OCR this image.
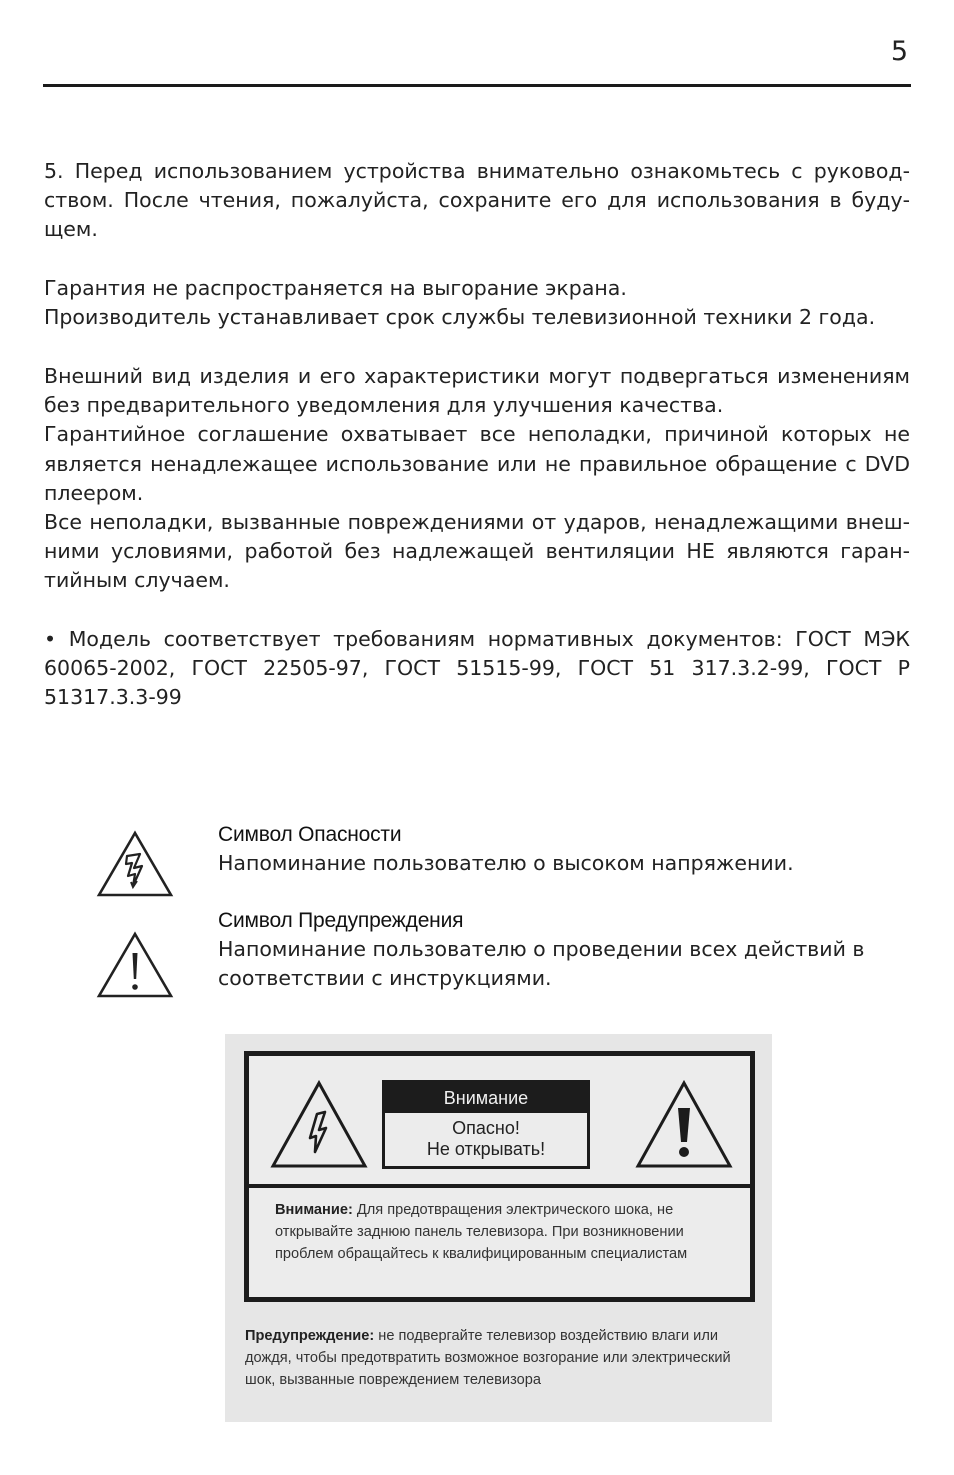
5

5. Перед использованием устройства внимательно ознакомьтесь с руководством. После чтения, пожалуйста, сохраните его для использования в будущем.

Гарантия не распространяется на выгорание экрана.
Производитель устанавливает срок службы телевизионной техники 2 года.

Внешний вид изделия и его характеристики могут подвергаться изменениям без предварительного уведомления для улучшения качества.

Гарантийное соглашение охватывает все неполадки, причиной которых не является ненадлежащее использование или не правильное обращение с DVD плеером.

Все неполадки, вызванные повреждениями от ударов, ненадлежащими внешними условиями, работой без надлежащей вентиляции НЕ являются гарантийным случаем.

• Модель соответствует требованиям нормативных документов: ГОСТ МЭК 60065-2002, ГОСТ 22505-97, ГОСТ 51515-99, ГОСТ 51 317.3.2-99, ГОСТ Р 51317.3.3-99

Символ Опасности
Напоминание пользователю о высоком напряжении.
Символ Предупреждения
Напоминание пользователю о проведении всех действий в соответствии с инструкциями.
Внимание
Опасно!
Не открывать!
Внимание: Для предотвращения электрического шока, не открывайте заднюю панель телевизора. При возникновении проблем обращайтесь к квалифицированным специалистам
Предупреждение: не подвергайте телевизор воздействию влаги или дождя, чтобы предотвратить возможное возгорание или электрический шок, вызванные повреждением телевизора
